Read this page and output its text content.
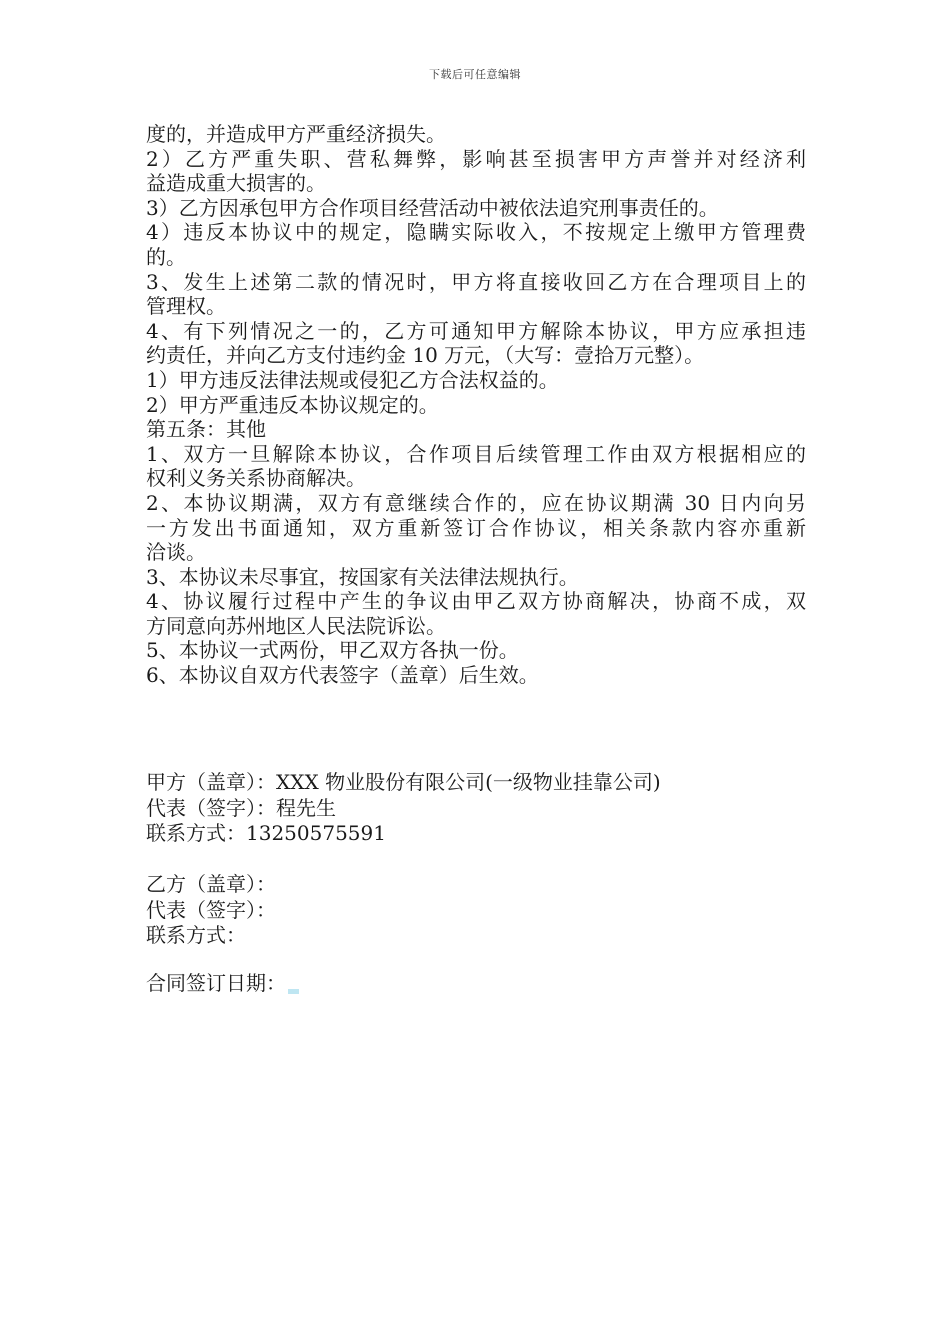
下载后可任意编辑
度的，并造成甲方严重经济损失。
2）乙方严重失职、营私舞弊，影响甚至损害甲方声誉并对经济利
益造成重大损害的。
3）乙方因承包甲方合作项目经营活动中被依法追究刑事责任的。
4）违反本协议中的规定，隐瞒实际收入，不按规定上缴甲方管理费
的。
3、发生上述第二款的情况时，甲方将直接收回乙方在合理项目上的
管理权。
4、有下列情况之一的，乙方可通知甲方解除本协议，甲方应承担违
约责任，并向乙方支付违约金 10 万元，（大写：壹拾万元整）。
1）甲方违反法律法规或侵犯乙方合法权益的。
2）甲方严重违反本协议规定的。
第五条：其他
1、双方一旦解除本协议，合作项目后续管理工作由双方根据相应的
权利义务关系协商解决。
2、本协议期满，双方有意继续合作的，应在协议期满 30 日内向另
一方发出书面通知，双方重新签订合作协议，相关条款内容亦重新
洽谈。
3、本协议未尽事宜，按国家有关法律法规执行。
4、协议履行过程中产生的争议由甲乙双方协商解决，协商不成，双
方同意向苏州地区人民法院诉讼。
5、本协议一式两份，甲乙双方各执一份。
6、本协议自双方代表签字（盖章）后生效。
甲方（盖章）：XXX 物业股份有限公司(一级物业挂靠公司)
代表（签字）：程先生
联系方式：13250575591
乙方（盖章）：
代表（签字）：
联系方式：
合同签订日期：
